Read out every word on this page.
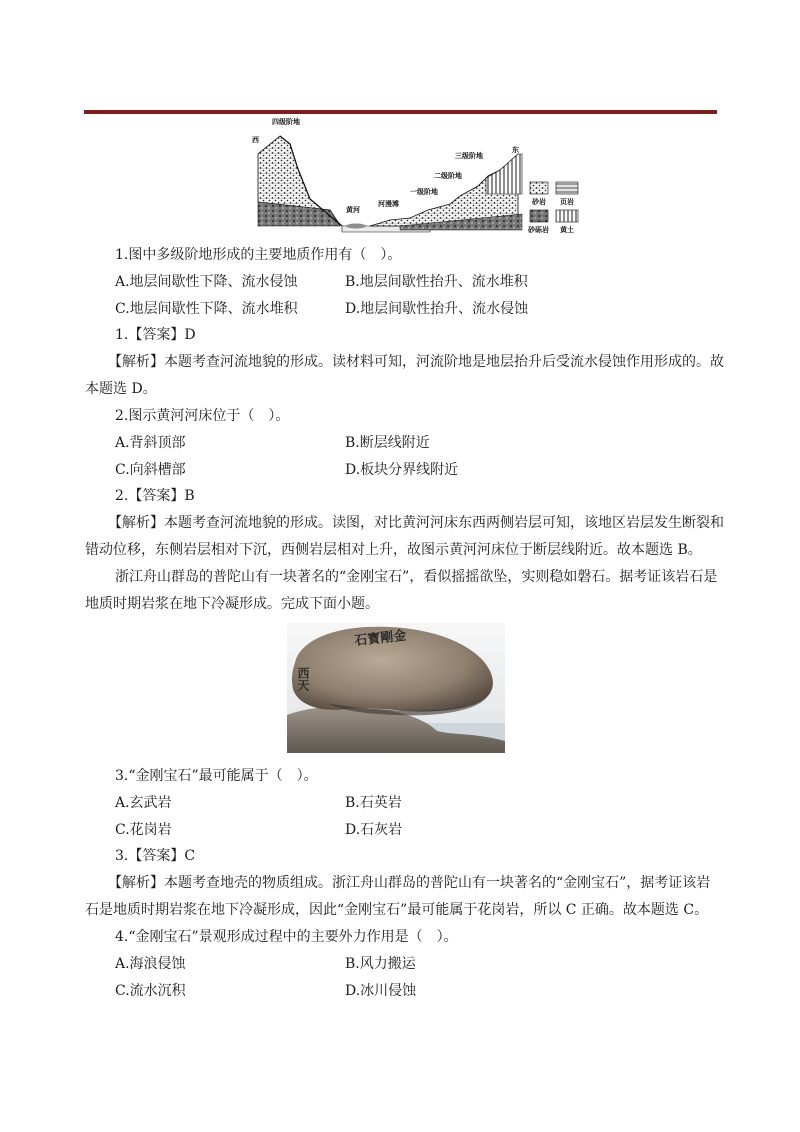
西
四级阶地
三级阶地
东
二级阶地
一级阶地
河漫滩
黄河
砂岩 页岩
砂砾岩 黄土
1.图中多级阶地形成的主要地质作用有（　）。
A.地层间歇性下降、流水侵蚀	B.地层间歇性抬升、流水堆积
C.地层间歇性下降、流水堆积	D.地层间歇性抬升、流水侵蚀
1.【答案】D
【解析】本题考查河流地貌的形成。读材料可知，河流阶地是地层抬升后受流水侵蚀作用形成的。故
本题选 D。
2.图示黄河河床位于（　）。
A.背斜顶部	B.断层线附近
C.向斜槽部	D.板块分界线附近
2.【答案】B
【解析】本题考查河流地貌的形成。读图，对比黄河河床东西两侧岩层可知，该地区岩层发生断裂和
错动位移，东侧岩层相对下沉，西侧岩层相对上升，故图示黄河河床位于断层线附近。故本题选 B。
浙江舟山群岛的普陀山有一块著名的“金刚宝石”，看似摇摇欲坠，实则稳如磐石。据考证该岩石是
地质时期岩浆在地下冷凝形成。完成下面小题。
石寳剛金
西天
3.“金刚宝石”最可能属于（　）。
A.玄武岩	B.石英岩
C.花岗岩	D.石灰岩
3.【答案】C
【解析】本题考查地壳的物质组成。浙江舟山群岛的普陀山有一块著名的“金刚宝石”，据考证该岩
石是地质时期岩浆在地下冷凝形成，因此“金刚宝石”最可能属于花岗岩，所以 C 正确。故本题选 C。
4.“金刚宝石”景观形成过程中的主要外力作用是（　）。
A.海浪侵蚀	B.风力搬运
C.流水沉积	D.冰川侵蚀
